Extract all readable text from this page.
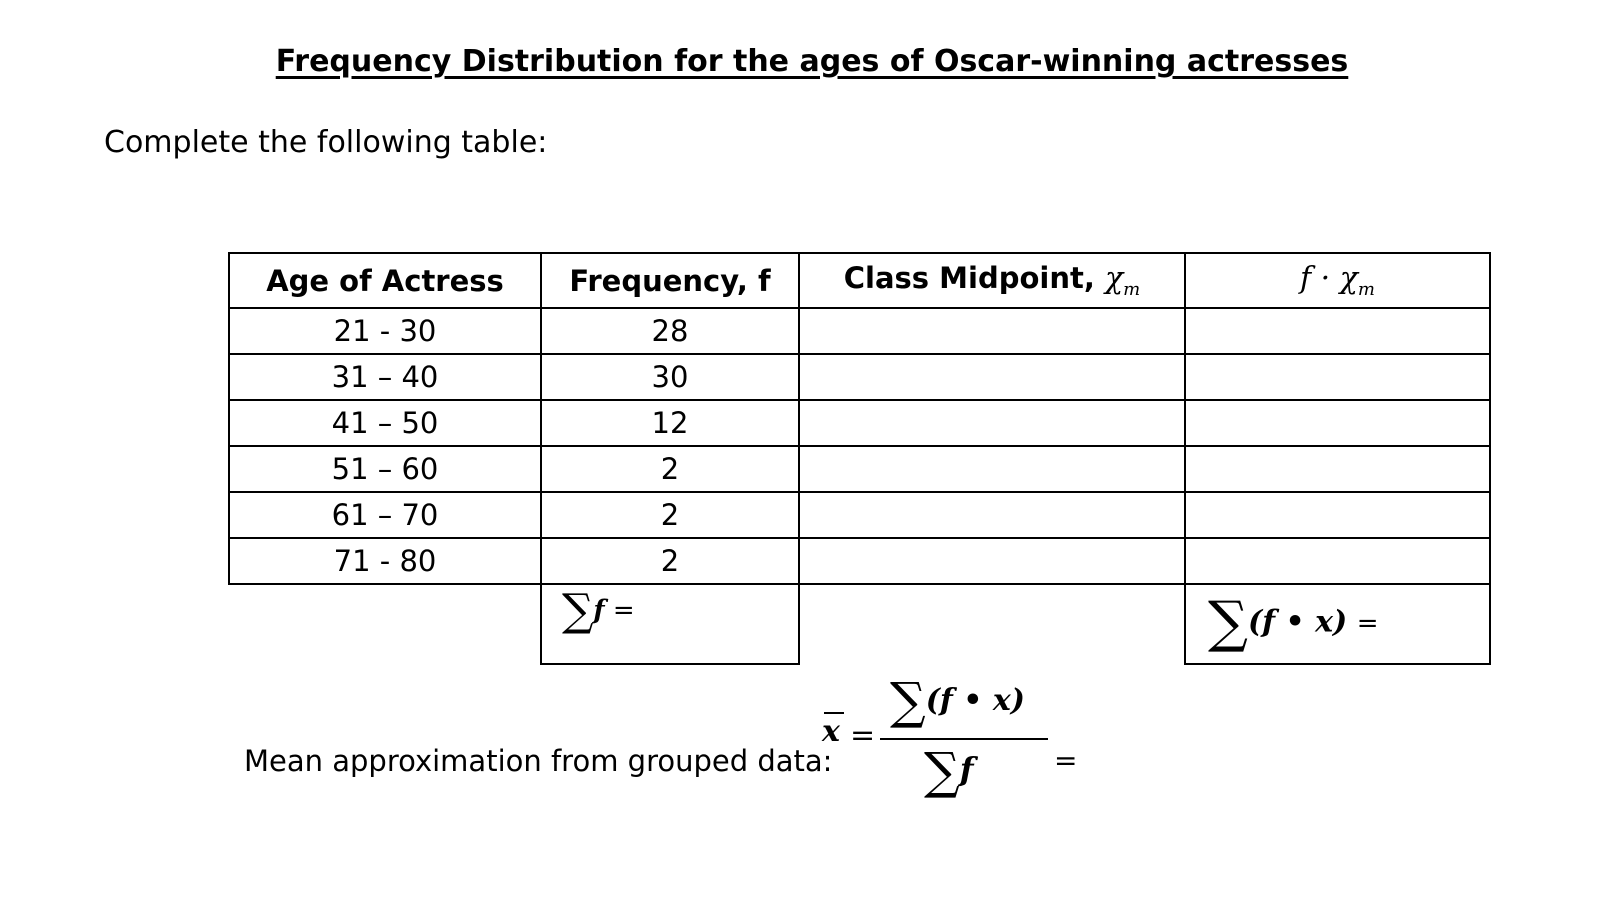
Frequency Distribution for the ages of Oscar-winning actresses
Complete the following table:
Age of Actress	Frequency, f	Class Midpoint, $\chi_m$	$f \cdot \chi_m$
21 - 30	28		
31 – 40	30		
41 – 50	12		
51 – 60	2		
61 – 70	2		
71 - 80	2		
	∑f =		∑(f • x) =
Mean approximation from grouped data:
x =
∑(f • x)
∑f	=
